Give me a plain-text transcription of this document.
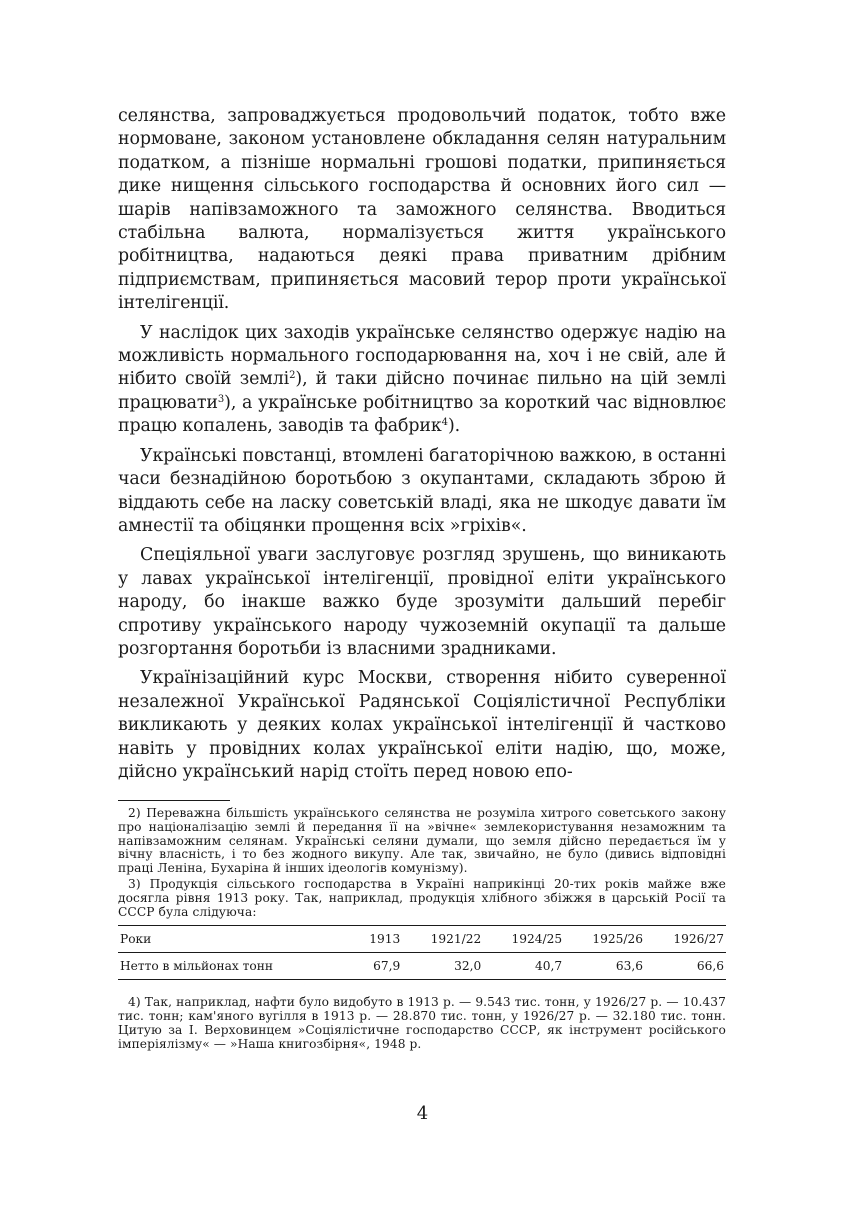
селянства, запроваджується продовольчий податок, тобто вже нормоване, законом установлене обкладання селян натуральним податком, а пізніше нормальні грошові податки, припиняється дике нищення сільського господарства й основних його сил — шарів напівзаможного та заможного селянства. Вводиться стабільна валюта, нормалізується життя українського робітництва, надаються деякі права приватним дрібним підприємствам, припиняється масовий терор проти української інтелігенції.

У наслідок цих заходів українське селянство одержує надію на можливість нормального господарювання на, хоч і не свій, але й нібито своїй землі$^2$), й таки дійсно починає пильно на цій землі працювати$^3$), а українське робітництво за короткий час відновлює працю копалень, заводів та фабрик$^4$).

Українські повстанці, втомлені багаторічною важкою, в останні часи безнадійною боротьбою з окупантами, складають зброю й віддають себе на ласку советській владі, яка не шкодує давати їм амнестії та обіцянки прощення всіх »гріхів«.

Спеціяльної уваги заслуговує розгляд зрушень, що виникають у лавах української інтелігенції, провідної еліти українського народу, бо інакше важко буде зрозуміти дальший перебіг спротиву українського народу чужоземній окупації та дальше розгортання боротьби із власними зрадниками.

Українізаційний курс Москви, створення нібито суверенної незалежної Української Радянської Соціялістичної Республіки викликають у деяких колах української інтелігенції й частково навіть у провідних колах української еліти надію, що, може, дійсно український нарід стоїть перед новою епо-

2) Переважна більшість українського селянства не розуміла хитрого советського закону про націоналізацію землі й передання її на »вічне« землекористування незаможним та напівзаможним селянам. Українські селяни думали, що земля дійсно передається їм у вічну власність, і то без жодного викупу. Але так, звичайно, не було (дивись відповідні праці Леніна, Бухаріна й інших ідеологів комунізму).

3) Продукція сільського господарства в Україні наприкінці 20-тих років майже вже досягла рівня 1913 року. Так, наприклад, продукція хлібного збіжжя в царській Росії та СССР була слідуюча:

Роки	1913	1921/22	1924/25	1925/26	1926/27
Нетто в мільйонах тонн	67,9	32,0	40,7	63,6	66,6

4) Так, наприклад, нафти було видобуто в 1913 р. — 9.543 тис. тонн, у 1926/27 р. — 10.437 тис. тонн; кам'яного вугілля в 1913 р. — 28.870 тис. тонн, у 1926/27 р. — 32.180 тис. тонн. Цитую за І. Верховинцем »Соціялістичне господарство СССР, як інструмент російського імперіялізму« — »Наша книгозбірня«, 1948 р.

4
